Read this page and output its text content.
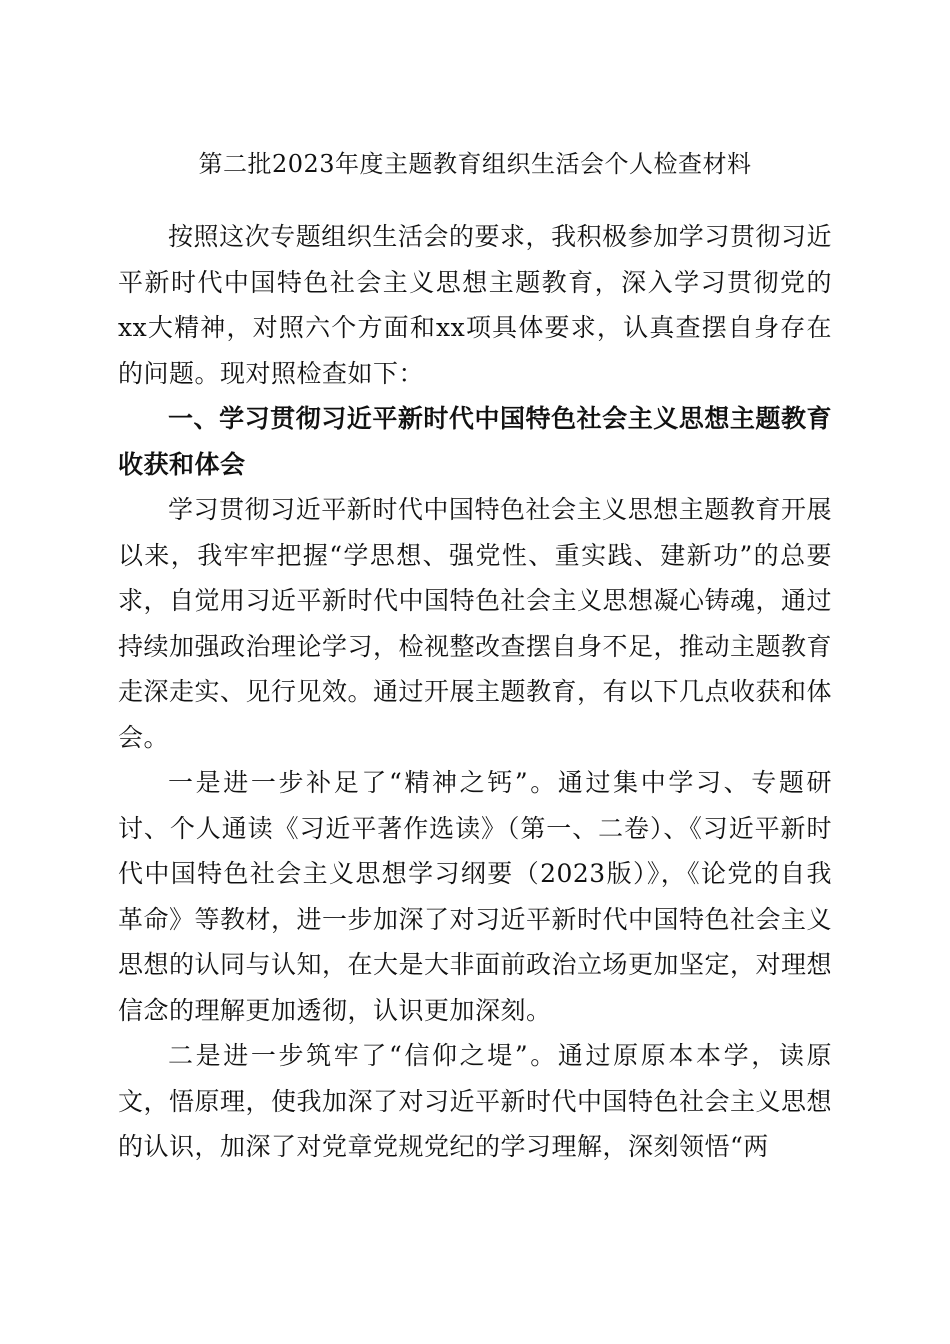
第二批2023年度主题教育组织生活会个人检查材料

按照这次专题组织生活会的要求，我积极参加学习贯彻习近平新时代中国特色社会主义思想主题教育，深入学习贯彻党的xx大精神，对照六个方面和xx项具体要求，认真查摆自身存在的问题。现对照检查如下：

一、学习贯彻习近平新时代中国特色社会主义思想主题教育收获和体会

学习贯彻习近平新时代中国特色社会主义思想主题教育开展以来，我牢牢把握“学思想、强党性、重实践、建新功”的总要求，自觉用习近平新时代中国特色社会主义思想凝心铸魂，通过持续加强政治理论学习，检视整改查摆自身不足，推动主题教育走深走实、见行见效。通过开展主题教育，有以下几点收获和体会。

一是进一步补足了“精神之钙”。通过集中学习、专题研讨、个人通读《习近平著作选读》（第一、二卷）、《习近平新时代中国特色社会主义思想学习纲要（2023版）》，《论党的自我革命》等教材，进一步加深了对习近平新时代中国特色社会主义思想的认同与认知，在大是大非面前政治立场更加坚定，对理想信念的理解更加透彻，认识更加深刻。

二是进一步筑牢了“信仰之堤”。通过原原本本学，读原文，悟原理，使我加深了对习近平新时代中国特色社会主义思想的认识，加深了对党章党规党纪的学习理解，深刻领悟“两
